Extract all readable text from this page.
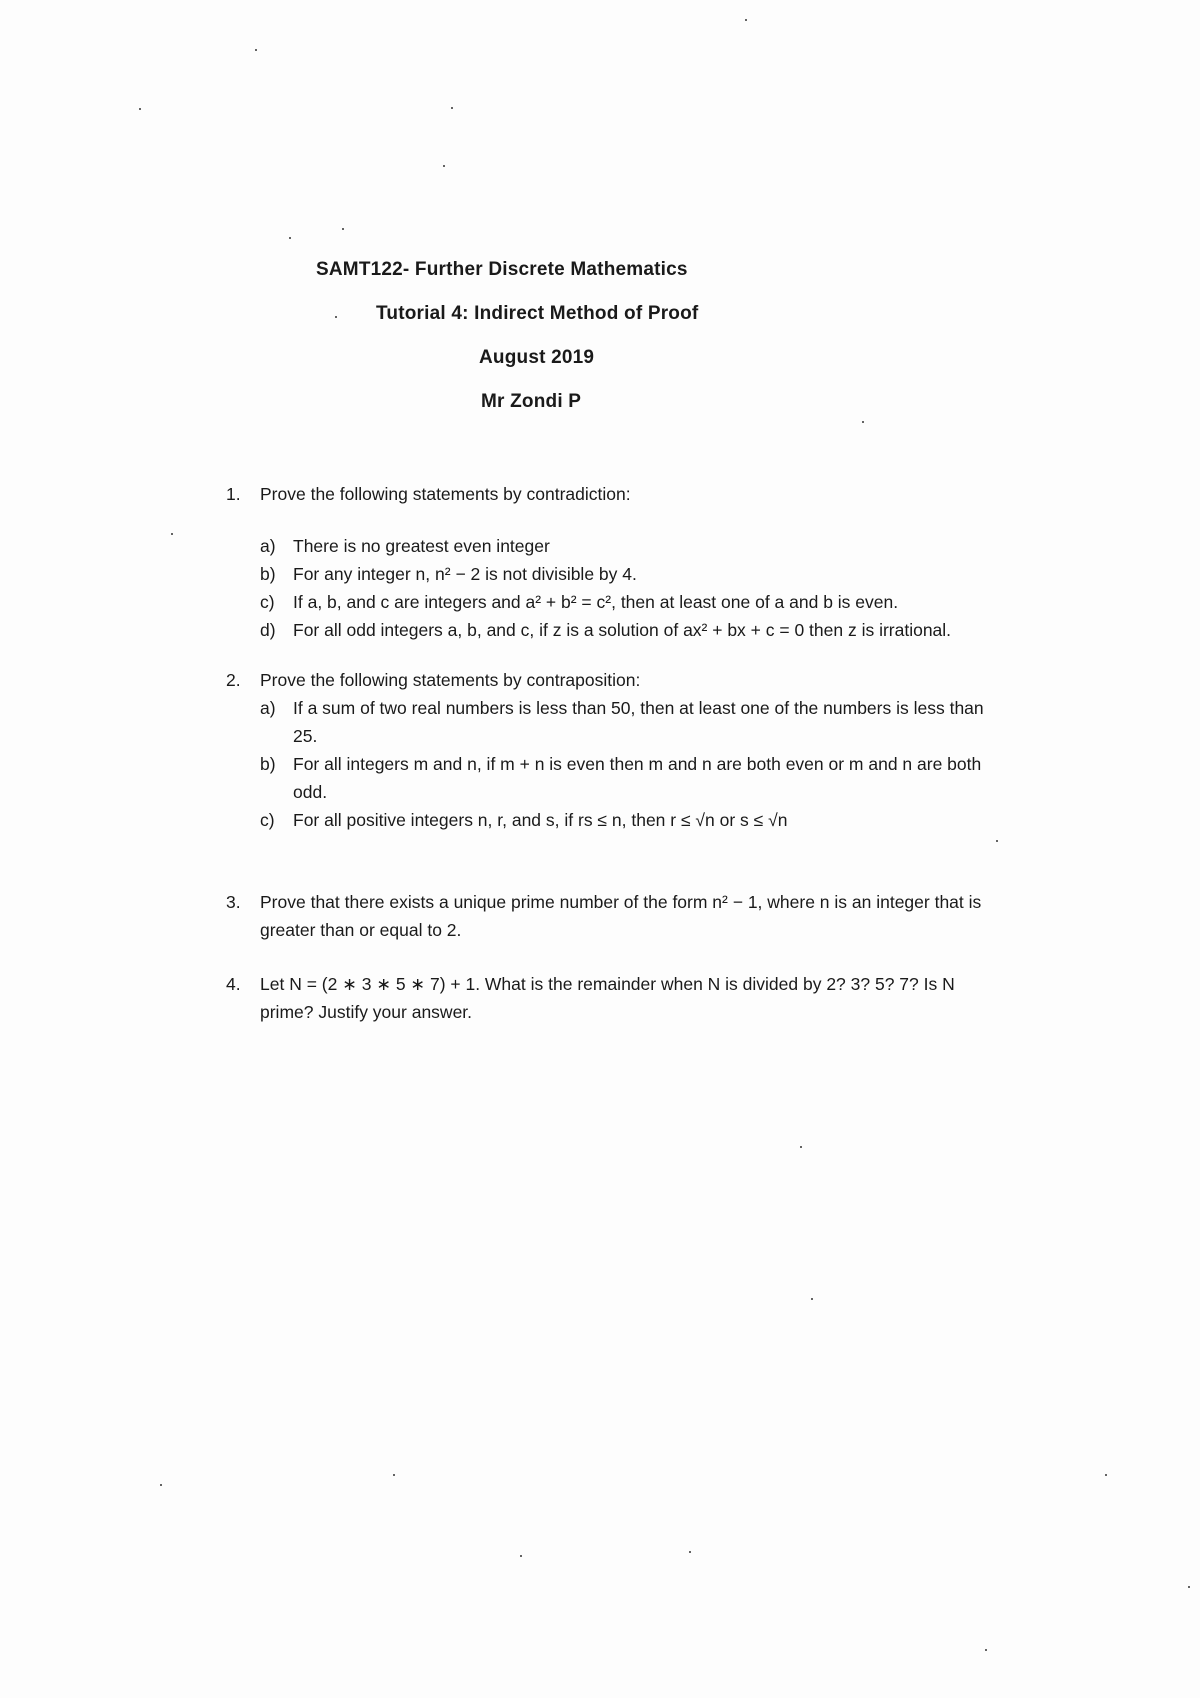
SAMT122- Further Discrete Mathematics
Tutorial 4: Indirect Method of Proof
August 2019
Mr Zondi P
1. Prove the following statements by contradiction:
a) There is no greatest even integer
b) For any integer n, n² − 2 is not divisible by 4.
c) If a, b, and c are integers and a² + b² = c², then at least one of a and b is even.
d) For all odd integers a, b, and c, if z is a solution of ax² + bx + c = 0 then z is irrational.
2. Prove the following statements by contraposition:
a) If a sum of two real numbers is less than 50, then at least one of the numbers is less than 25.
b) For all integers m and n, if m + n is even then m and n are both even or m and n are both odd.
c) For all positive integers n, r, and s, if rs ≤ n, then r ≤ √n or s ≤ √n
3. Prove that there exists a unique prime number of the form n² − 1, where n is an integer that is greater than or equal to 2.
4. Let N = (2 ∗ 3 ∗ 5 ∗ 7) + 1. What is the remainder when N is divided by 2? 3? 5? 7? Is N prime? Justify your answer.
